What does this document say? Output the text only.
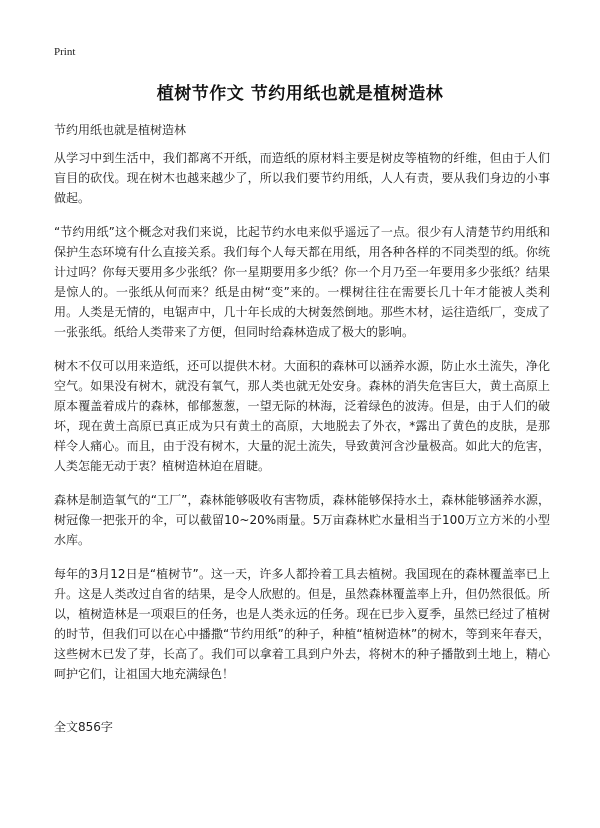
Print
植树节作文 节约用纸也就是植树造林
节约用纸也就是植树造林

从学习中到生活中，我们都离不开纸，而造纸的原材料主要是树皮等植物的纤维，但由于人们盲目的砍伐。现在树木也越来越少了，所以我们要节约用纸，人人有责，要从我们身边的小事做起。

“节约用纸”这个概念对我们来说，比起节约水电来似乎遥远了一点。很少有人清楚节约用纸和保护生态环境有什么直接关系。我们每个人每天都在用纸，用各种各样的不同类型的纸。你统计过吗？你每天要用多少张纸？你一星期要用多少纸？你一个月乃至一年要用多少张纸？结果是惊人的。一张纸从何而来？纸是由树“变”来的。一棵树往往在需要长几十年才能被人类利用。人类是无情的，电锯声中，几十年长成的大树轰然倒地。那些木材，运往造纸厂，变成了一张张纸。纸给人类带来了方便，但同时给森林造成了极大的影响。

树木不仅可以用来造纸，还可以提供木材。大面积的森林可以涵养水源，防止水土流失，净化空气。如果没有树木，就没有氧气，那人类也就无处安身。森林的消失危害巨大，黄土高原上原本覆盖着成片的森林，郁郁葱葱，一望无际的林海，泛着绿色的波涛。但是，由于人们的破坏，现在黄土高原已真正成为只有黄土的高原，大地脱去了外衣，*露出了黄色的皮肤，是那样令人痛心。而且，由于没有树木，大量的泥土流失，导致黄河含沙量极高。如此大的危害，人类怎能无动于衷？植树造林迫在眉睫。

森林是制造氧气的“工厂”，森林能够吸收有害物质，森林能够保持水土，森林能够涵养水源，树冠像一把张开的伞，可以截留10~20%雨量。5万亩森林贮水量相当于100万立方米的小型水库。

每年的3月12日是“植树节”。这一天，许多人都拎着工具去植树。我国现在的森林覆盖率已上升。这是人类改过自省的结果，是令人欣慰的。但是，虽然森林覆盖率上升，但仍然很低。所以，植树造林是一项艰巨的任务，也是人类永远的任务。现在已步入夏季，虽然已经过了植树的时节，但我们可以在心中播撒“节约用纸”的种子，种植“植树造林”的树木，等到来年春天，这些树木已发了芽，长高了。我们可以拿着工具到户外去，将树木的种子播散到土地上，精心呵护它们，让祖国大地充满绿色！

全文856字
